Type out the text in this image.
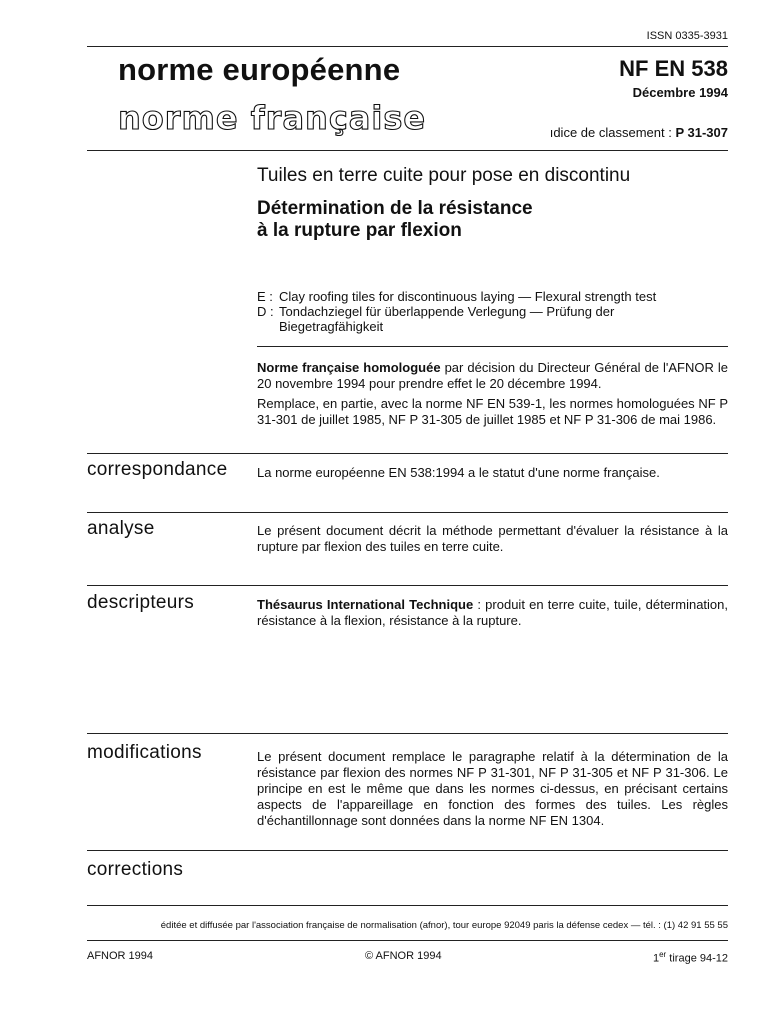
ISSN 0335-3931
norme européenne
norme française
NF EN 538
Décembre 1994
ıdice de classement : P 31-307
Tuiles en terre cuite pour pose en discontinu
Détermination de la résistance
à la rupture par flexion
E : Clay roofing tiles for discontinuous laying — Flexural strength test
D : Tondachziegel für überlappende Verlegung — Prüfung der
Biegetragfähigkeit
Norme française homologuée par décision du Directeur Général de l'AFNOR le 20 novembre 1994 pour prendre effet le 20 décembre 1994.
Remplace, en partie, avec la norme NF EN 539-1, les normes homologuées NF P 31-301 de juillet 1985, NF P 31-305 de juillet 1985 et NF P 31-306 de mai 1986.
correspondance La norme européenne EN 538:1994 a le statut d'une norme française.
analyse	Le présent document décrit la méthode permettant d'évaluer la résistance à la rupture par flexion des tuiles en terre cuite.
descripteurs	Thésaurus International Technique : produit en terre cuite, tuile, détermination, résistance à la flexion, résistance à la rupture.
modifications	Le présent document remplace le paragraphe relatif à la détermination de la résistance par flexion des normes NF P 31-301, NF P 31-305 et NF P 31-306. Le principe en est le même que dans les normes ci-dessus, en précisant certains aspects de l'appareillage en fonction des formes des tuiles. Les règles d'échantillonnage sont données dans la norme NF EN 1304.
corrections
éditée et diffusée par l'association française de normalisation (afnor), tour europe 92049 paris la défense cedex — tél. : (1) 42 91 55 55
AFNOR 1994	© AFNOR 1994	1er tirage 94-12
